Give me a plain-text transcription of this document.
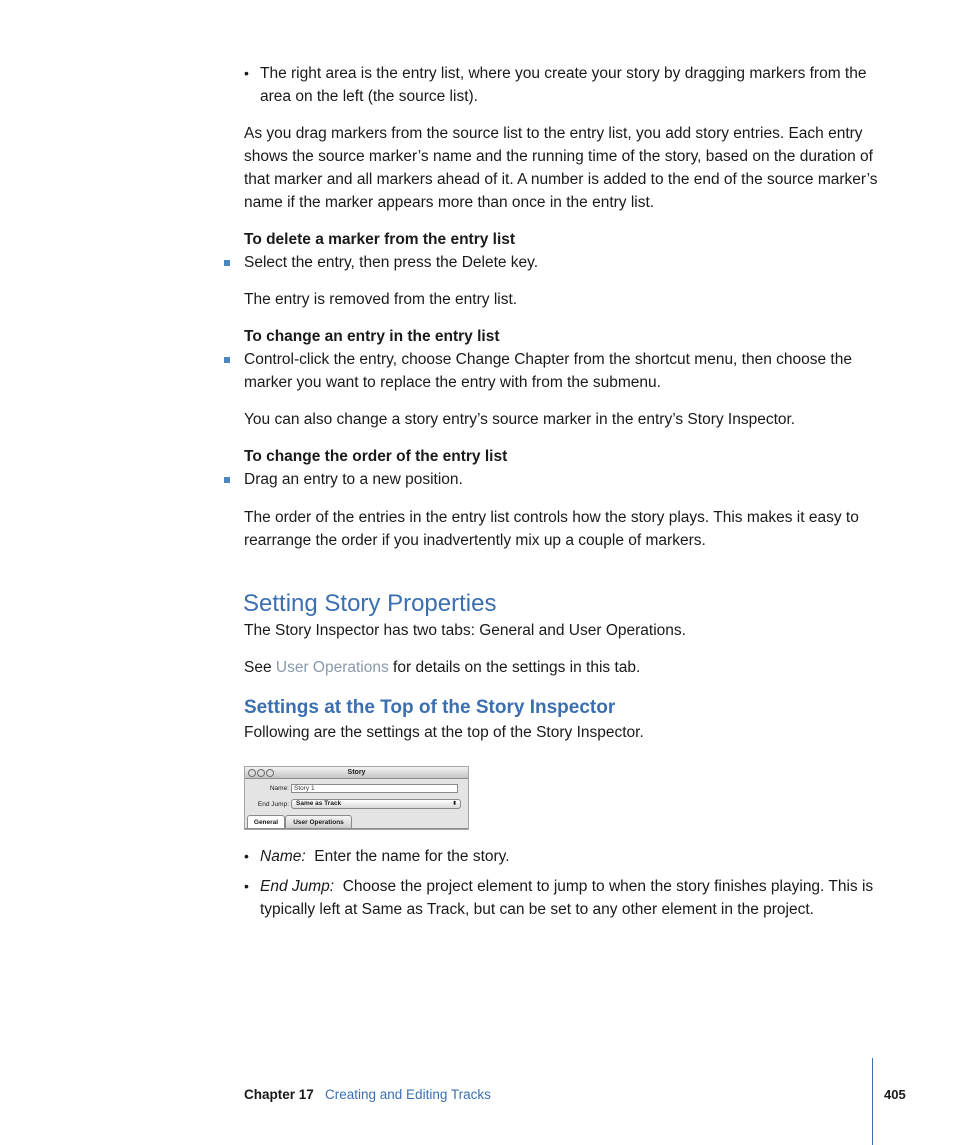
• The right area is the entry list, where you create your story by dragging markers from the area on the left (the source list).
As you drag markers from the source list to the entry list, you add story entries. Each entry shows the source marker’s name and the running time of the story, based on the duration of that marker and all markers ahead of it. A number is added to the end of the source marker’s name if the marker appears more than once in the entry list.
To delete a marker from the entry list
Select the entry, then press the Delete key.
The entry is removed from the entry list.
To change an entry in the entry list
Control-click the entry, choose Change Chapter from the shortcut menu, then choose the marker you want to replace the entry with from the submenu.
You can also change a story entry’s source marker in the entry’s Story Inspector.
To change the order of the entry list
Drag an entry to a new position.
The order of the entries in the entry list controls how the story plays. This makes it easy to rearrange the order if you inadvertently mix up a couple of markers.
Setting Story Properties
The Story Inspector has two tabs: General and User Operations.
See User Operations for details on the settings in this tab.
Settings at the Top of the Story Inspector
Following are the settings at the top of the Story Inspector.
Story
Name: Story 1
End Jump:	Same as Track	⬍
General	User Operations
• Name: Enter the name for the story.
• End Jump: Choose the project element to jump to when the story finishes playing. This is typically left at Same as Track, but can be set to any other element in the project.
Chapter 17 Creating and Editing Tracks	405
